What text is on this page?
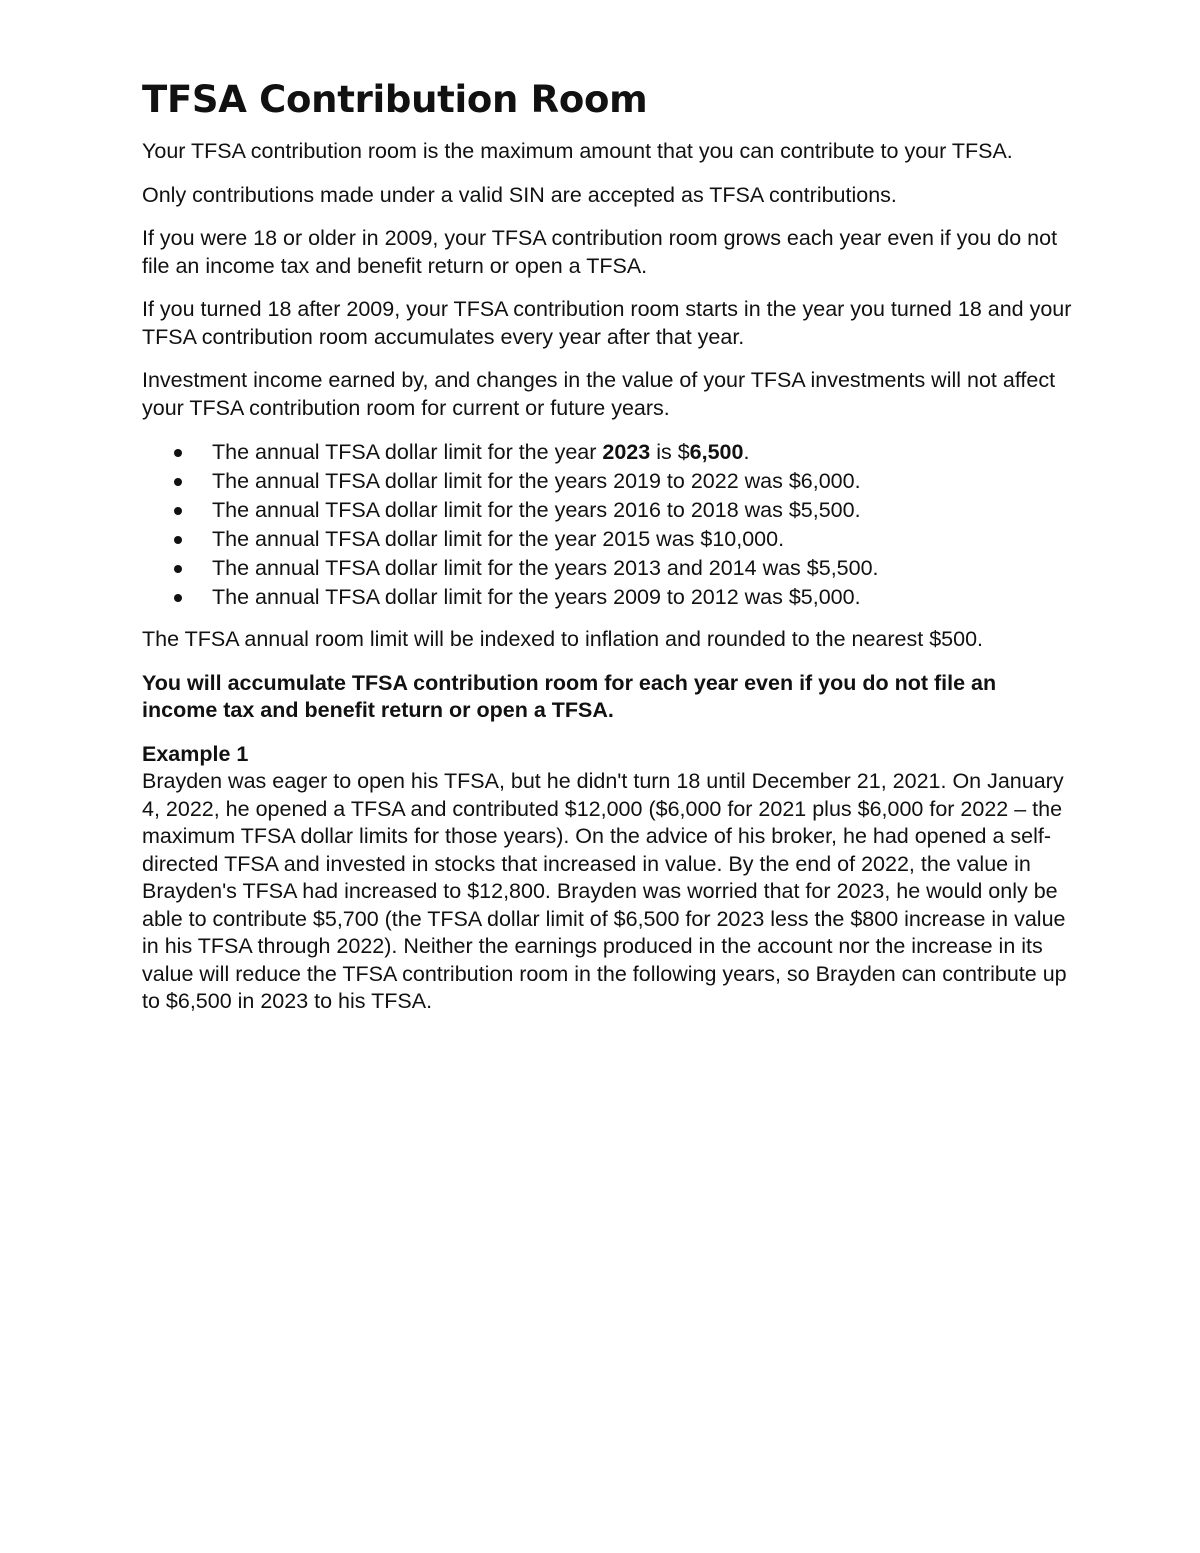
TFSA Contribution Room

Your TFSA contribution room is the maximum amount that you can contribute to your TFSA.

Only contributions made under a valid SIN are accepted as TFSA contributions.

If you were 18 or older in 2009, your TFSA contribution room grows each year even if you do not file an income tax and benefit return or open a TFSA.

If you turned 18 after 2009, your TFSA contribution room starts in the year you turned 18 and your TFSA contribution room accumulates every year after that year.

Investment income earned by, and changes in the value of your TFSA investments will not affect your TFSA contribution room for current or future years.

The annual TFSA dollar limit for the year 2023 is $6,500.
The annual TFSA dollar limit for the years 2019 to 2022 was $6,000.
The annual TFSA dollar limit for the years 2016 to 2018 was $5,500.
The annual TFSA dollar limit for the year 2015 was $10,000.
The annual TFSA dollar limit for the years 2013 and 2014 was $5,500.
The annual TFSA dollar limit for the years 2009 to 2012 was $5,000.

The TFSA annual room limit will be indexed to inflation and rounded to the nearest $500.

You will accumulate TFSA contribution room for each year even if you do not file an income tax and benefit return or open a TFSA.

Example 1

Brayden was eager to open his TFSA, but he didn't turn 18 until December 21, 2021. On January 4, 2022, he opened a TFSA and contributed $12,000 ($6,000 for 2021 plus $6,000 for 2022 – the maximum TFSA dollar limits for those years). On the advice of his broker, he had opened a self-directed TFSA and invested in stocks that increased in value. By the end of 2022, the value in Brayden's TFSA had increased to $12,800. Brayden was worried that for 2023, he would only be able to contribute $5,700 (the TFSA dollar limit of $6,500 for 2023 less the $800 increase in value in his TFSA through 2022). Neither the earnings produced in the account nor the increase in its value will reduce the TFSA contribution room in the following years, so Brayden can contribute up to $6,500 in 2023 to his TFSA.
